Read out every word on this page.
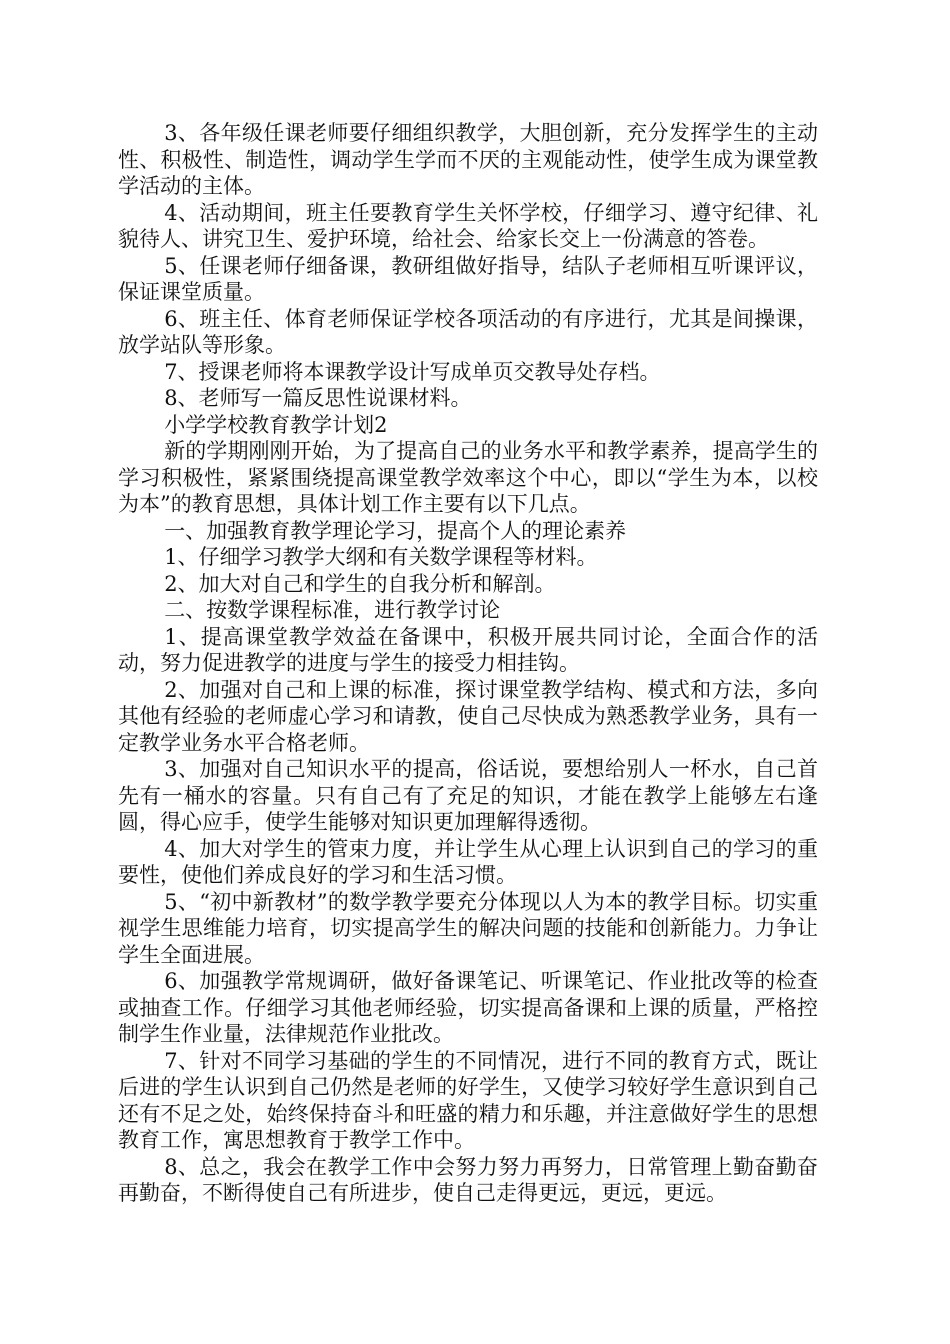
3、各年级任课老师要仔细组织教学，大胆创新，充分发挥学生的主动性、积极性、制造性，调动学生学而不厌的主观能动性，使学生成为课堂教学活动的主体。

4、活动期间，班主任要教育学生关怀学校，仔细学习、遵守纪律、礼貌待人、讲究卫生、爱护环境，给社会、给家长交上一份满意的答卷。

5、任课老师仔细备课，教研组做好指导，结队子老师相互听课评议，保证课堂质量。

6、班主任、体育老师保证学校各项活动的有序进行，尤其是间操课，放学站队等形象。

7、授课老师将本课教学设计写成单页交教导处存档。

8、老师写一篇反思性说课材料。

小学学校教育教学计划2

新的学期刚刚开始，为了提高自己的业务水平和教学素养，提高学生的学习积极性，紧紧围绕提高课堂教学效率这个中心，即以“学生为本，以校为本”的教育思想，具体计划工作主要有以下几点。

一、加强教育教学理论学习，提高个人的理论素养

1、仔细学习教学大纲和有关数学课程等材料。

2、加大对自己和学生的自我分析和解剖。

二、按数学课程标准，进行教学讨论

1、提高课堂教学效益在备课中，积极开展共同讨论，全面合作的活动，努力促进教学的进度与学生的接受力相挂钩。

2、加强对自己和上课的标准，探讨课堂教学结构、模式和方法，多向其他有经验的老师虚心学习和请教，使自己尽快成为熟悉教学业务，具有一定教学业务水平合格老师。

3、加强对自己知识水平的提高，俗话说，要想给别人一杯水，自己首先有一桶水的容量。只有自己有了充足的知识，才能在教学上能够左右逢圆，得心应手，使学生能够对知识更加理解得透彻。

4、加大对学生的管束力度，并让学生从心理上认识到自己的学习的重要性，使他们养成良好的学习和生活习惯。

5、“初中新教材”的数学教学要充分体现以人为本的教学目标。切实重视学生思维能力培育，切实提高学生的解决问题的技能和创新能力。力争让学生全面进展。

6、加强教学常规调研，做好备课笔记、听课笔记、作业批改等的检查或抽查工作。仔细学习其他老师经验，切实提高备课和上课的质量，严格控制学生作业量，法律规范作业批改。

7、针对不同学习基础的学生的不同情况，进行不同的教育方式，既让后进的学生认识到自己仍然是老师的好学生，又使学习较好学生意识到自己还有不足之处，始终保持奋斗和旺盛的精力和乐趣，并注意做好学生的思想教育工作，寓思想教育于教学工作中。

8、总之，我会在教学工作中会努力努力再努力，日常管理上勤奋勤奋再勤奋，不断得使自己有所进步，使自己走得更远，更远，更远。
